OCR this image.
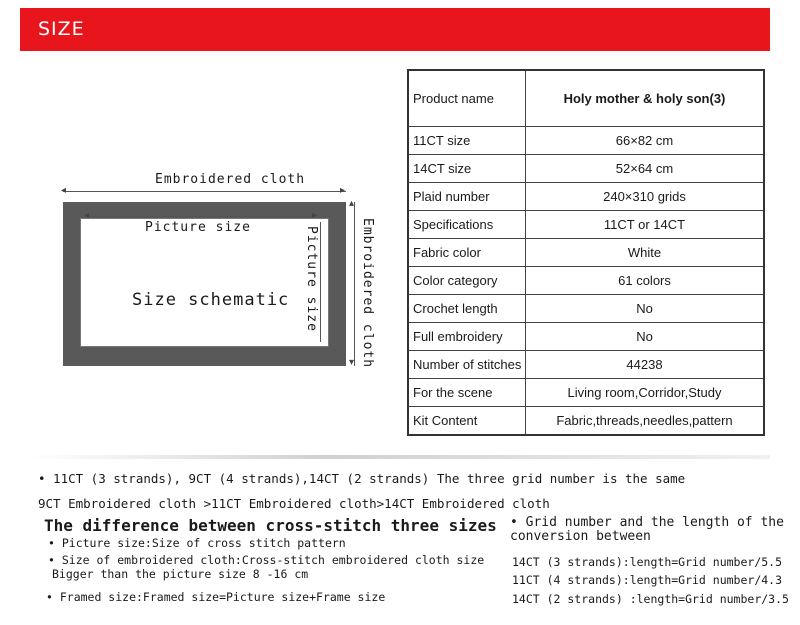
SIZE
Embroidered cloth
◂	▸
◂	▸
Picture size
Size schematic Picture size
▴
▾ Embroidered cloth
Product name	Holy mother & holy son(3)
11CT size	66×82 cm
14CT size	52×64 cm
Plaid number	240×310 grids
Specifications	11CT or 14CT
Fabric color	White
Color category	61 colors
Crochet length	No
Full embroidery	No
Number of stitches	44238
For the scene	Living room,Corridor,Study
Kit Content	Fabric,threads,needles,pattern
• 11CT (3 strands), 9CT (4 strands),14CT (2 strands) The three grid number is the same
9CT Embroidered cloth >11CT Embroidered cloth>14CT Embroidered cloth
The difference between cross-stitch three sizes
• Picture size:Size of cross stitch pattern
• Size of embroidered cloth:Cross-stitch embroidered cloth size
Bigger than the picture size 8 -16 cm
• Framed size:Framed size=Picture size+Frame size
• Grid number and the length of the conversion between
14CT (3 strands):length=Grid number/5.5
11CT (4 strands):length=Grid number/4.3
14CT (2 strands) :length=Grid number/3.5
